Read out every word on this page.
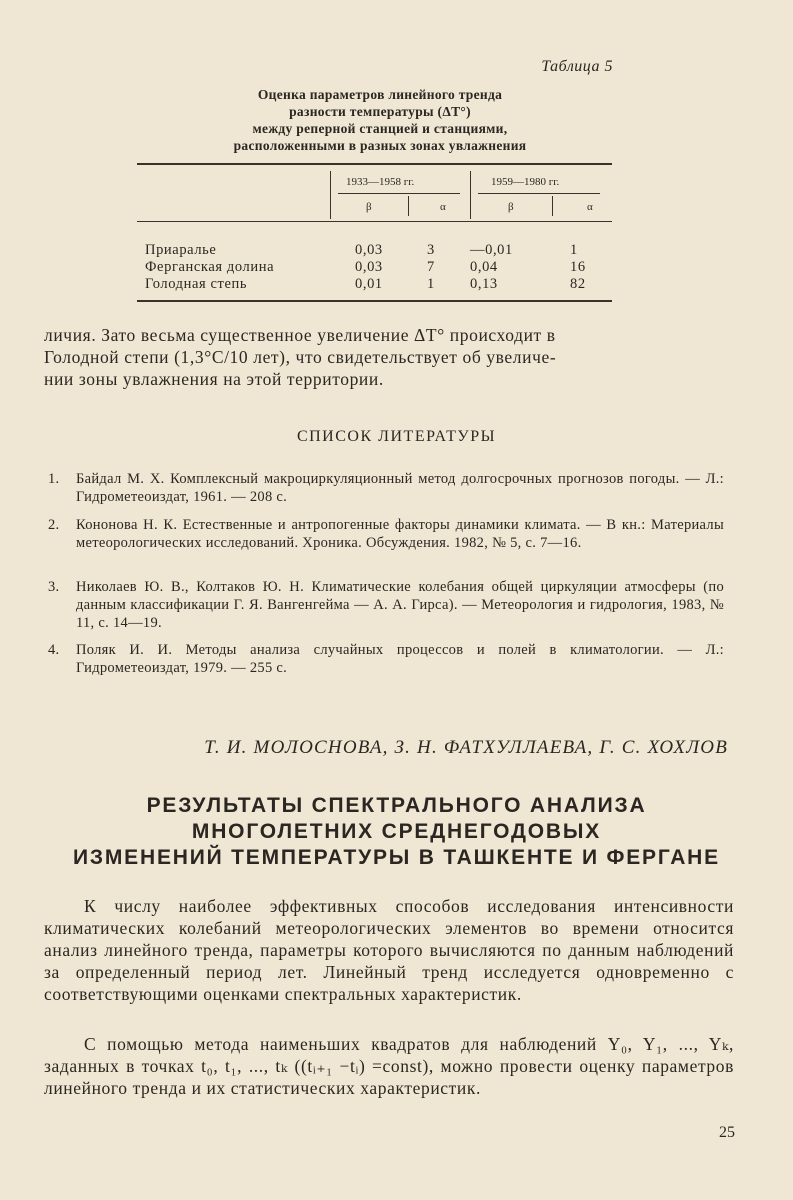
Таблица 5
Оценка параметров линейного тренда
разности температуры (ΔT°)
между реперной станцией и станциями,
расположенными в разных зонах увлажнения
1933—1958 гг.	1959—1980 гг.
β	α	β	α
Приаралье	0,03	3 —0,01	1
Ферганская долина	0,03	7 0,04	16
Голодная степь	0,01	1 0,13	82
личия. Зато весьма существенное увеличение ΔT° происходит в
Голодной степи (1,3°С/10 лет), что свидетельствует об увеличе-
нии зоны увлажнения на этой территории.
СПИСОК ЛИТЕРАТУРЫ
1. Байдал М. Х. Комплексный макроциркуляционный метод долгосрочных прогнозов погоды. — Л.: Гидрометеоиздат, 1961. — 208 с.
2. Кононова Н. К. Естественные и антропогенные факторы динамики климата. — В кн.: Материалы метеорологических исследований. Хроника. Обсуждения. 1982, № 5, с. 7—16.
3. Николаев Ю. В., Колтаков Ю. Н. Климатические колебания общей циркуляции атмосферы (по данным классификации Г. Я. Вангенгейма — А. А. Гирса). — Метеорология и гидрология, 1983, № 11, с. 14—19.
4. Поляк И. И. Методы анализа случайных процессов и полей в климатологии. — Л.: Гидрометеоиздат, 1979. — 255 с.
Т. И. МОЛОСНОВА, З. Н. ФАТХУЛЛАЕВА, Г. С. ХОХЛОВ
РЕЗУЛЬТАТЫ СПЕКТРАЛЬНОГО АНАЛИЗА
МНОГОЛЕТНИХ СРЕДНЕГОДОВЫХ
ИЗМЕНЕНИЙ ТЕМПЕРАТУРЫ В ТАШКЕНТЕ И ФЕРГАНЕ
К числу наиболее эффективных способов исследования интенсивности климатических колебаний метеорологических элементов во времени относится анализ линейного тренда, параметры которого вычисляются по данным наблюдений за определенный период лет. Линейный тренд исследуется одновременно с соответствующими оценками спектральных характеристик.
С помощью метода наименьших квадратов для наблюдений Y₀, Y₁, ..., Yₖ, заданных в точках t₀, t₁, ..., tₖ ((tᵢ₊₁ −tᵢ) =const), можно провести оценку параметров линейного тренда и их статистических характеристик.
25
